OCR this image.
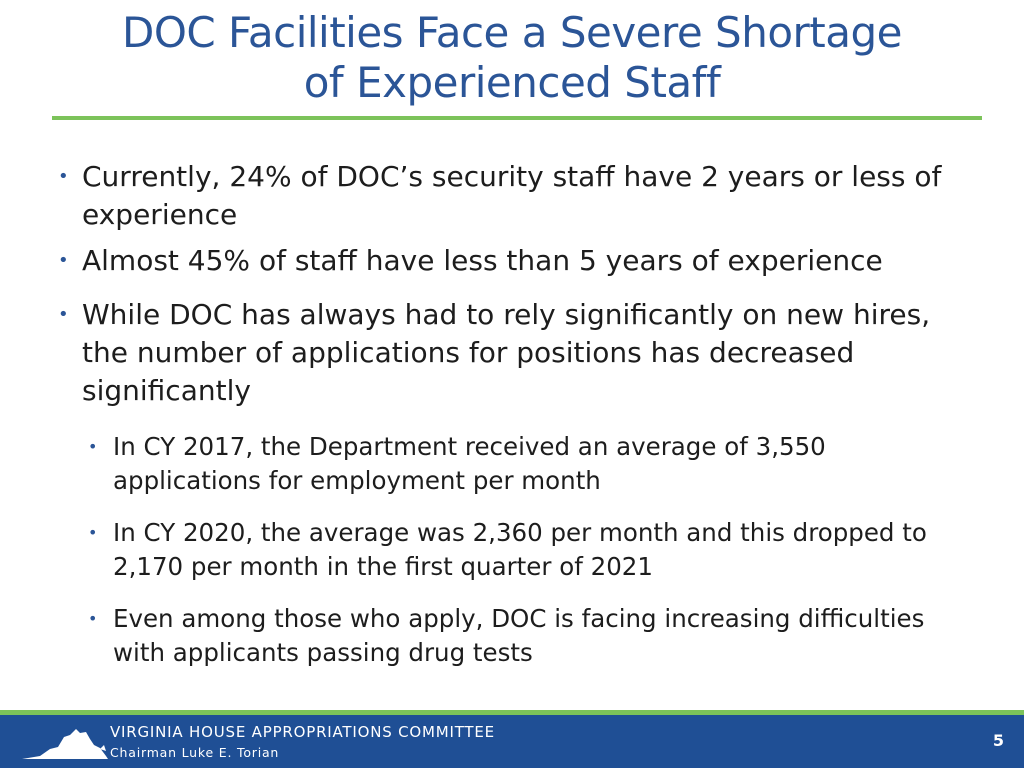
DOC Facilities Face a Severe Shortage
of Experienced Staff
• Currently, 24% of DOC’s security staff have 2 years or less of experience
• Almost 45% of staff have less than 5 years of experience
• While DOC has always had to rely significantly on new hires, the number of applications for positions has decreased significantly
• In CY 2017, the Department received an average of 3,550 applications for employment per month
• In CY 2020, the average was 2,360 per month and this dropped to 2,170 per month in the first quarter of 2021
• Even among those who apply, DOC is facing increasing difficulties with applicants passing drug tests
VIRGINIA HOUSE APPROPRIATIONS COMMITTEE
Chairman Luke E. Torian
5
